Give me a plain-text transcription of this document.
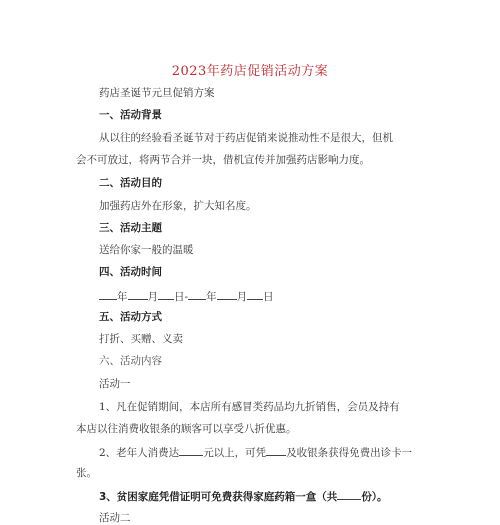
2023年药店促销活动方案
药店圣诞节元旦促销方案
一、活动背景
从以往的经验看圣诞节对于药店促销来说推动性不是很大，但机
会不可放过，将两节合并一块，借机宣传并加强药店影响力度。
二、活动目的
加强药店外在形象，扩大知名度。
三、活动主题
送给你家一般的温暖
四、活动时间
年 月 日- 年 月 日
五、活动方式
打折、买赠、义卖
六、活动内容
活动一
1、凡在促销期间，本店所有感冒类药品均九折销售，会员及持有
本店以往消费收银条的顾客可以享受八折优惠。
2、老年人消费达 元以上，可凭 及收银条获得免费出诊卡一
张。
3、贫困家庭凭借证明可免费获得家庭药箱一盒（共 份）。
活动二
